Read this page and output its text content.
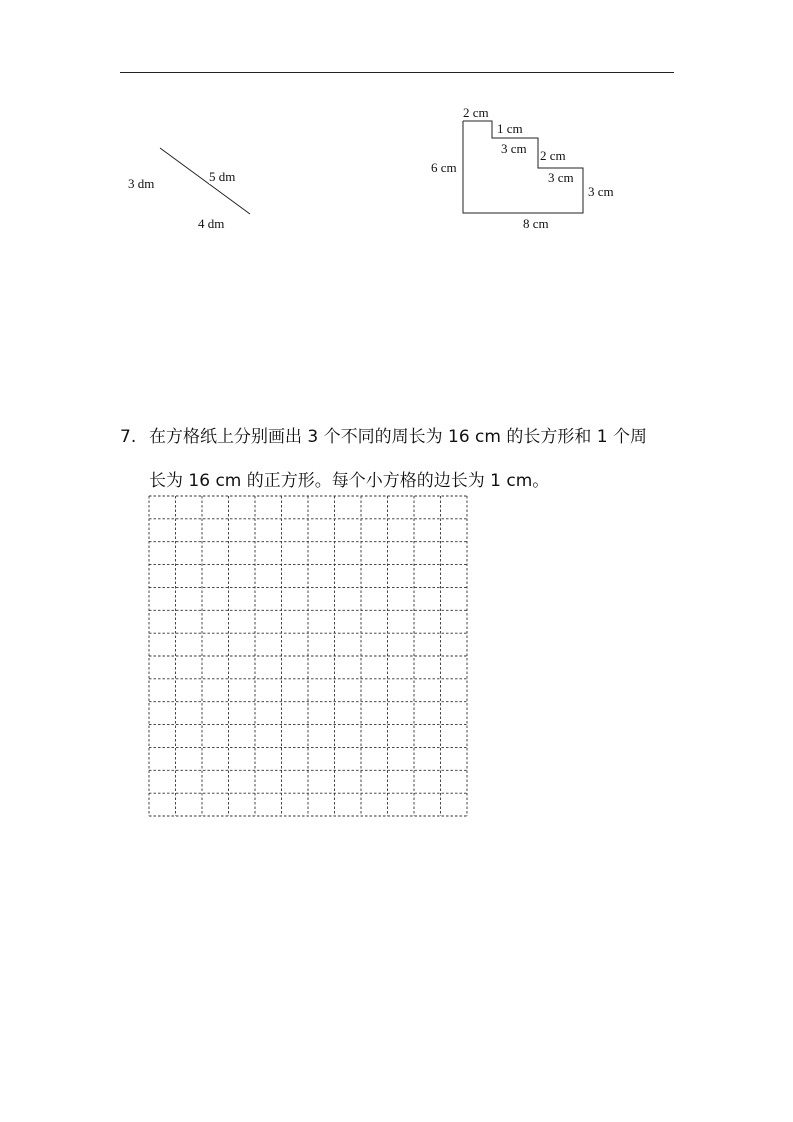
3 dm	5 dm
4 dm
2 cm
1 cm
3 cm 2 cm
3 cm
3 cm
6 cm
8 cm
7. 在方格纸上分别画出 3 个不同的周长为 16 cm 的长方形和 1 个周
长为 16 cm 的正方形。每个小方格的边长为 1 cm。
